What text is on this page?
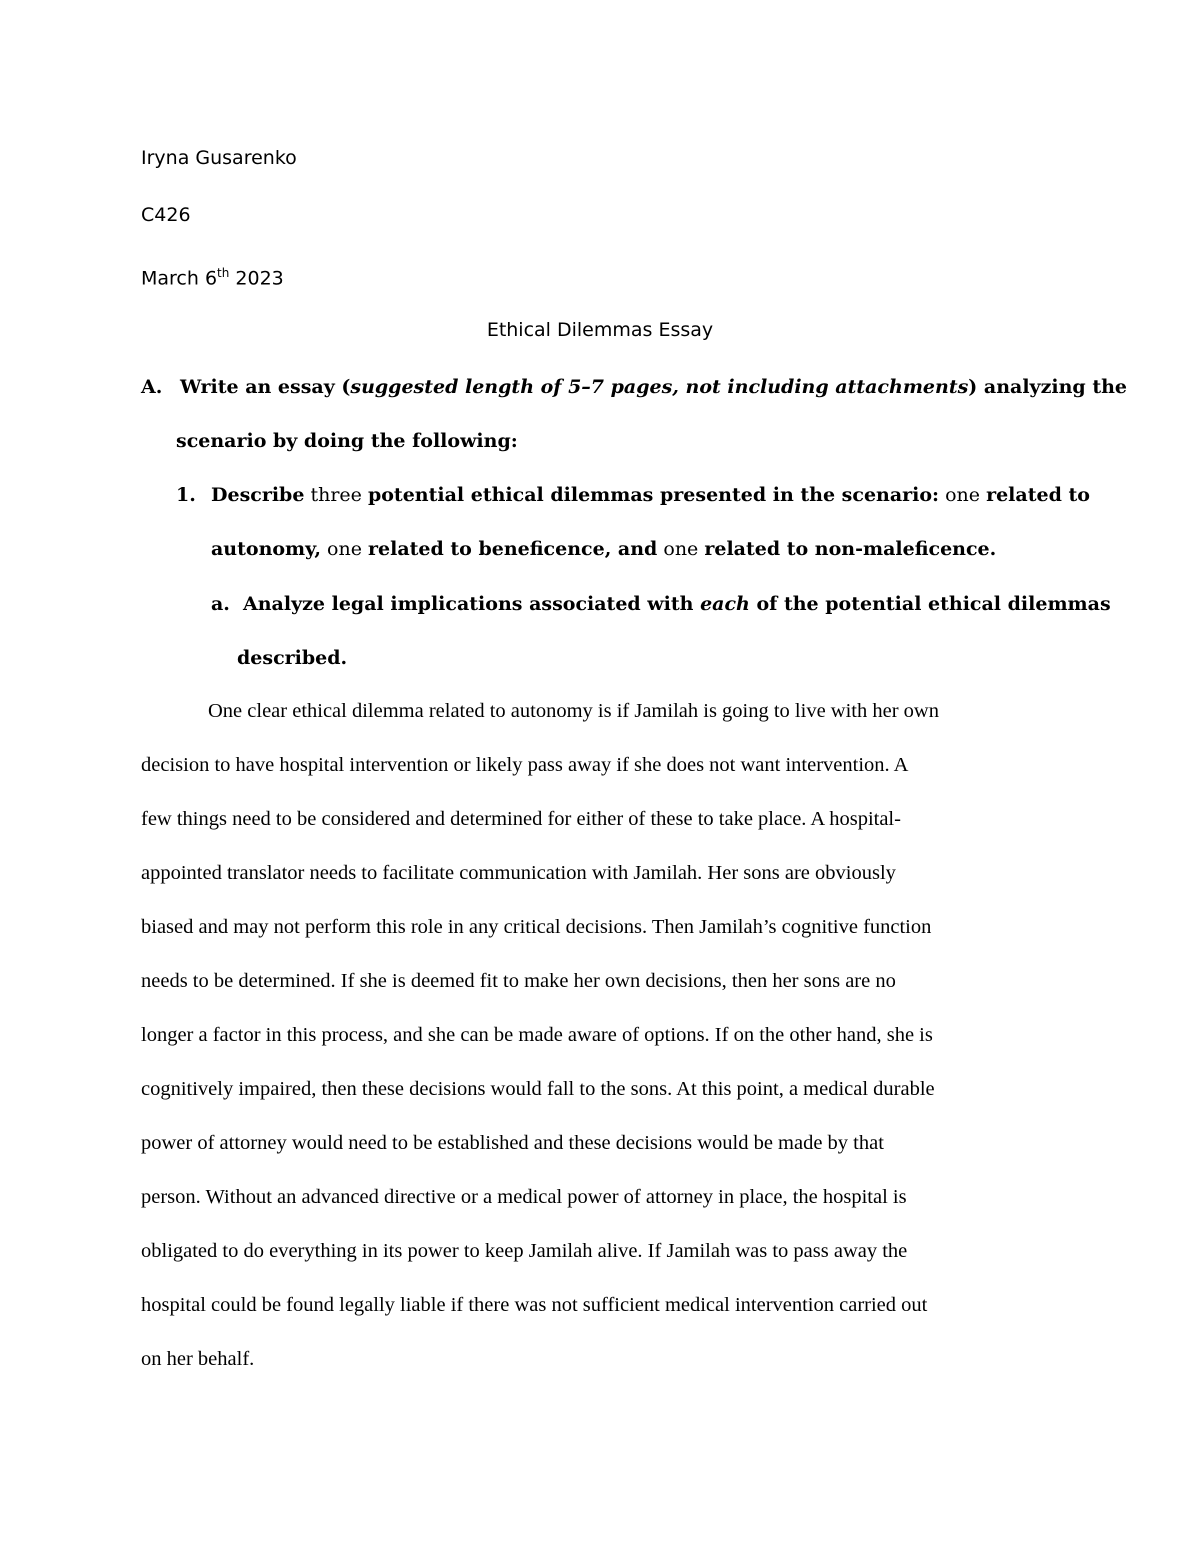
Iryna Gusarenko
C426
March 6th 2023
Ethical Dilemmas Essay
A. Write an essay (suggested length of 5–7 pages, not including attachments) analyzing the
scenario by doing the following:
1. Describe three potential ethical dilemmas presented in the scenario: one related to
autonomy, one related to beneficence, and one related to non-maleficence.
a. Analyze legal implications associated with each of the potential ethical dilemmas
described.
One clear ethical dilemma related to autonomy is if Jamilah is going to live with her own
decision to have hospital intervention or likely pass away if she does not want intervention. A
few things need to be considered and determined for either of these to take place. A hospital-
appointed translator needs to facilitate communication with Jamilah. Her sons are obviously
biased and may not perform this role in any critical decisions. Then Jamilah’s cognitive function
needs to be determined. If she is deemed fit to make her own decisions, then her sons are no
longer a factor in this process, and she can be made aware of options. If on the other hand, she is
cognitively impaired, then these decisions would fall to the sons. At this point, a medical durable
power of attorney would need to be established and these decisions would be made by that
person. Without an advanced directive or a medical power of attorney in place, the hospital is
obligated to do everything in its power to keep Jamilah alive. If Jamilah was to pass away the
hospital could be found legally liable if there was not sufficient medical intervention carried out
on her behalf.
